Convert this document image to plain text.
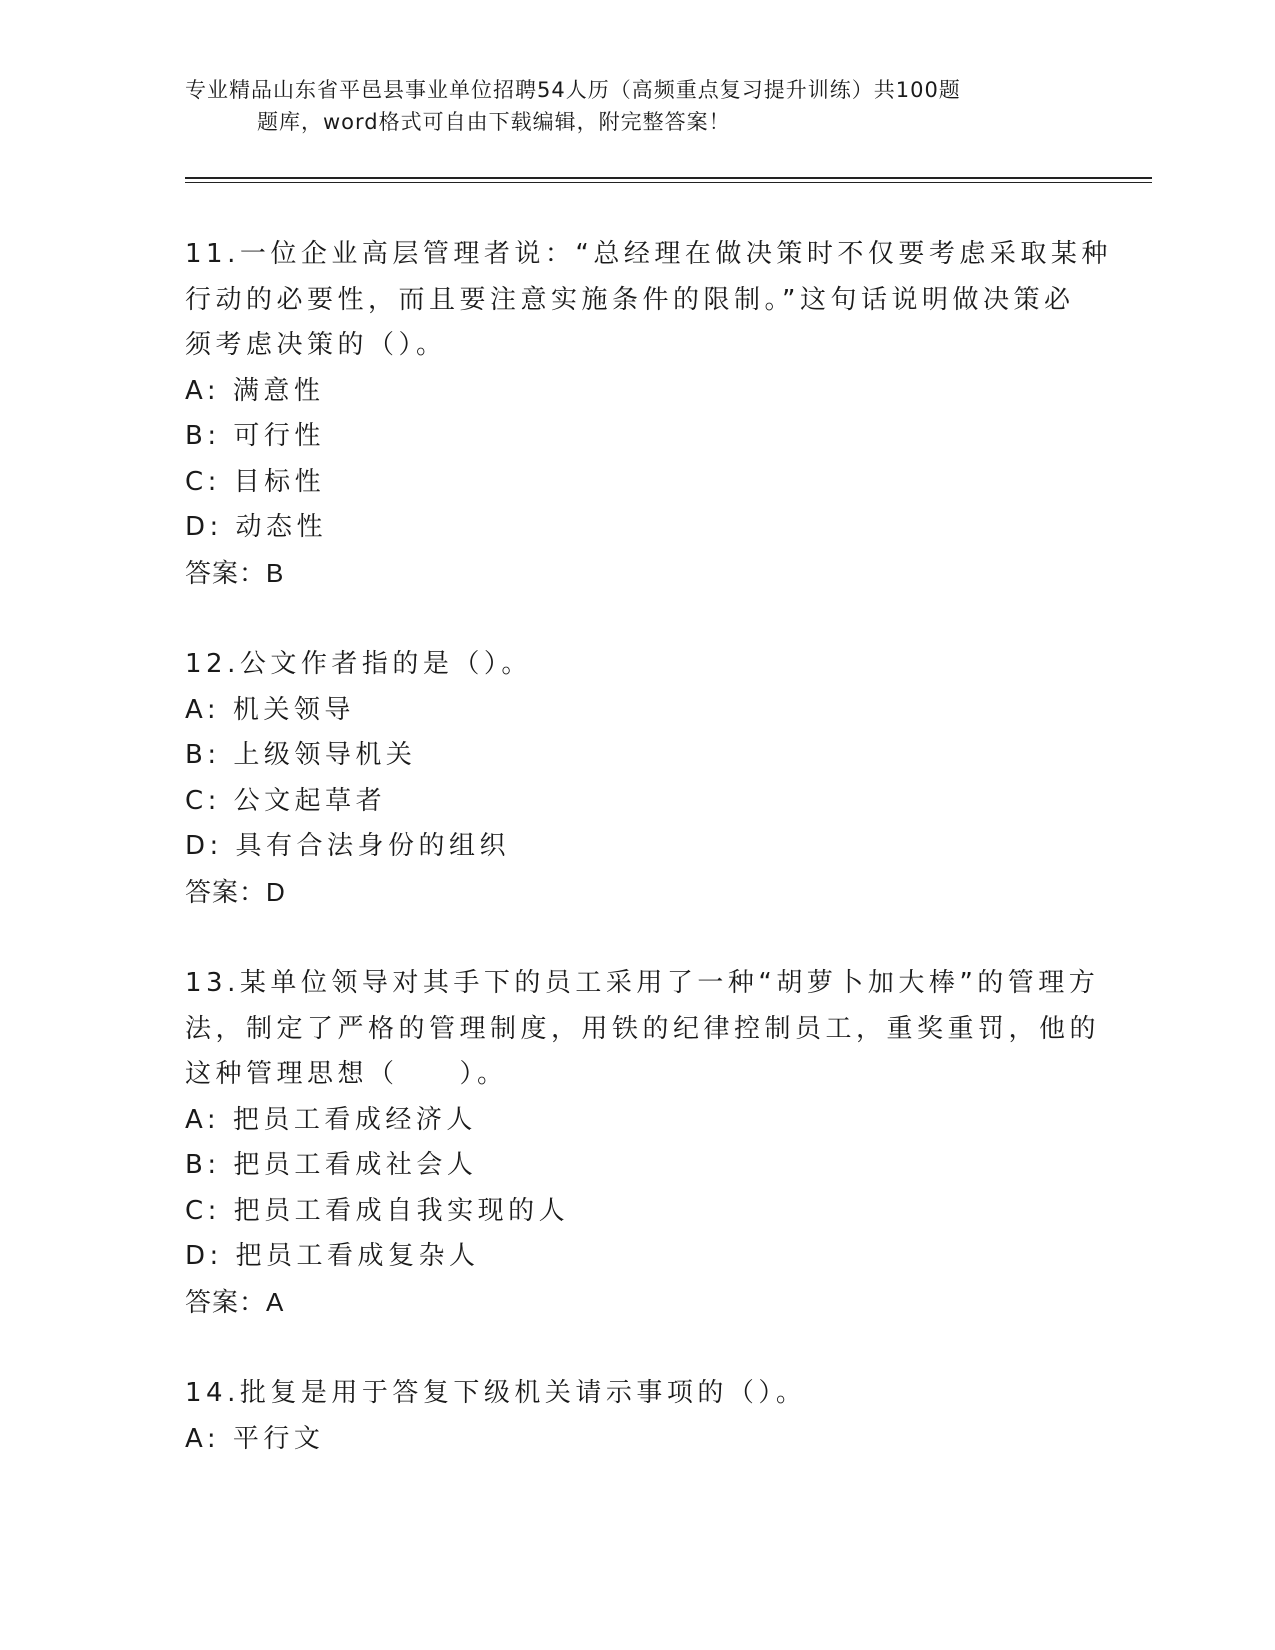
专业精品山东省平邑县事业单位招聘54人历（高频重点复习提升训练）共100题
题库，word格式可自由下载编辑，附完整答案！
11.一位企业高层管理者说：“总经理在做决策时不仅要考虑采取某种
行动的必要性，而且要注意实施条件的限制。”这句话说明做决策必
须考虑决策的（）。
A: 满意性
B: 可行性
C: 目标性
D: 动态性
答案：B
12.公文作者指的是（）。
A: 机关领导
B: 上级领导机关
C: 公文起草者
D: 具有合法身份的组织
答案：D
13.某单位领导对其手下的员工采用了一种“胡萝卜加大棒”的管理方
法，制定了严格的管理制度，用铁的纪律控制员工，重奖重罚，他的
这种管理思想（　　）。
A: 把员工看成经济人
B: 把员工看成社会人
C: 把员工看成自我实现的人
D: 把员工看成复杂人
答案：A
14.批复是用于答复下级机关请示事项的（）。
A: 平行文
